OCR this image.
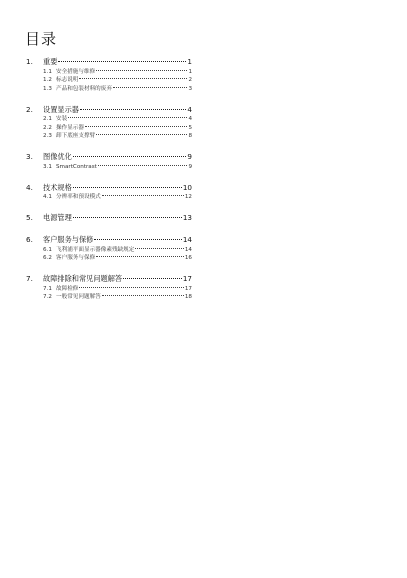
目录
1.	重要	1
1.1 安全措施与维修	1
1.2 标志说明	2
1.3 产品和包装材料的废弃	3
2.	设置显示器	4
2.1 安装	4
2.2 操作显示器	5
2.3 卸下底座支撑臂	8
3.	图像优化	9
3.1 SmartContrast	9
4.	技术规格	10
4.1 分辨率和预设模式	12
5.	电源管理	13
6.	客户服务与保修	14
6.1 飞利浦平面显示器像素残缺规定	14
6.2 客户服务与保修	16
7.	故障排除和常见问题解答	17
7.1 故障检修	17
7.2 一般常见问题解答	18
